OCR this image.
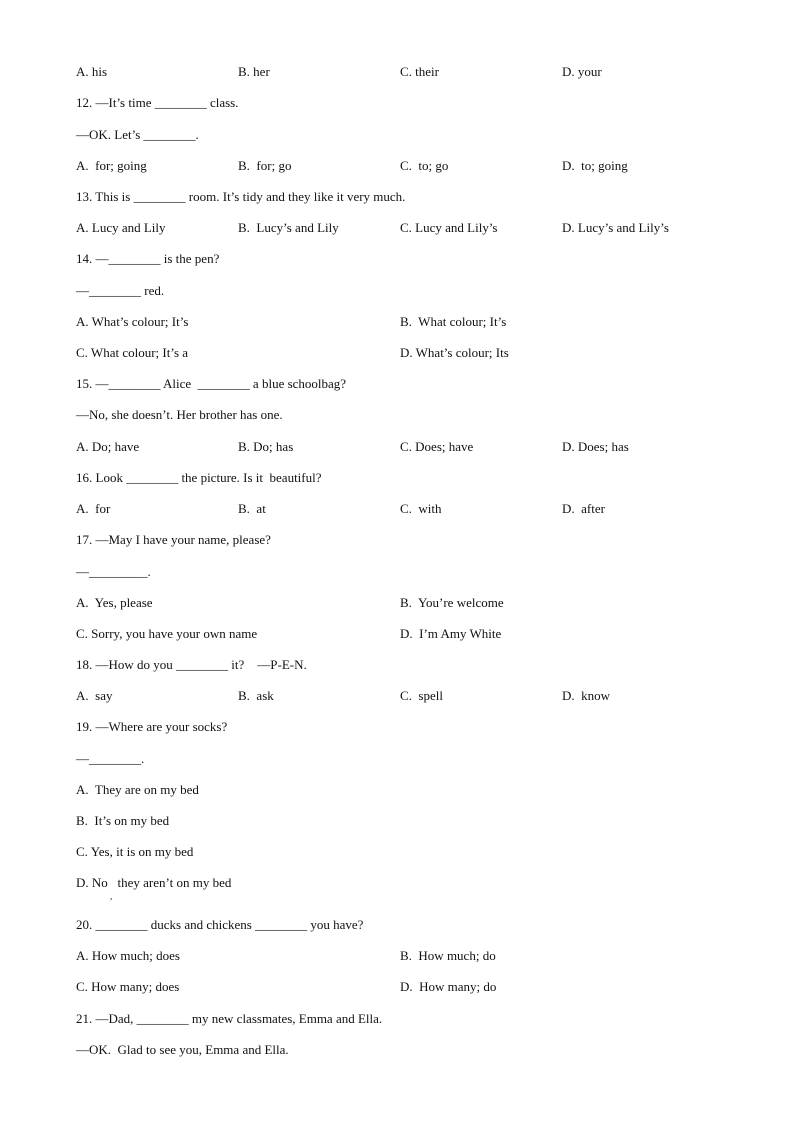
A. his	B. her	C. their	D. your
12. —It’s time ________ class.
—OK. Let’s ________.
A.  for; going	B.  for; go	C.  to; go	D.  to; going
13. This is ________ room. It’s tidy and they like it very much.
A. Lucy and Lily	B.  Lucy’s and Lily	C. Lucy and Lily’s	D. Lucy’s and Lily’s
14. —________ is the pen?
—________ red.
A. What’s colour; It’s	B.  What colour; It’s
C. What colour; It’s a	D. What’s colour; Its
15. —________ Alice  ________ a blue schoolbag?
—No, she doesn’t. Her brother has one.
A. Do; have	B. Do; has	C. Does; have	D. Does; has
16. Look ________ the picture. Is it  beautiful?
A.  for	B.  at	C.  with	D.  after
17. —May I have your name, please?
—_________.
A.  Yes, please	B.  You’re welcome
C. Sorry, you have your own name	D.  I’m Amy White
18. —How do you ________ it?    —P-E-N.
A.  say	B.  ask	C.  spell	D.  know
19. —Where are your socks?
—________.
A.  They are on my bed
B.  It’s on my bed
C. Yes, it is on my bed
D. No   they aren’t on my bed
,
20. ________ ducks and chickens ________ you have?
A. How much; does	B.  How much; do
C. How many; does	D.  How many; do
21. —Dad, ________ my new classmates, Emma and Ella.
—OK.  Glad to see you, Emma and Ella.
